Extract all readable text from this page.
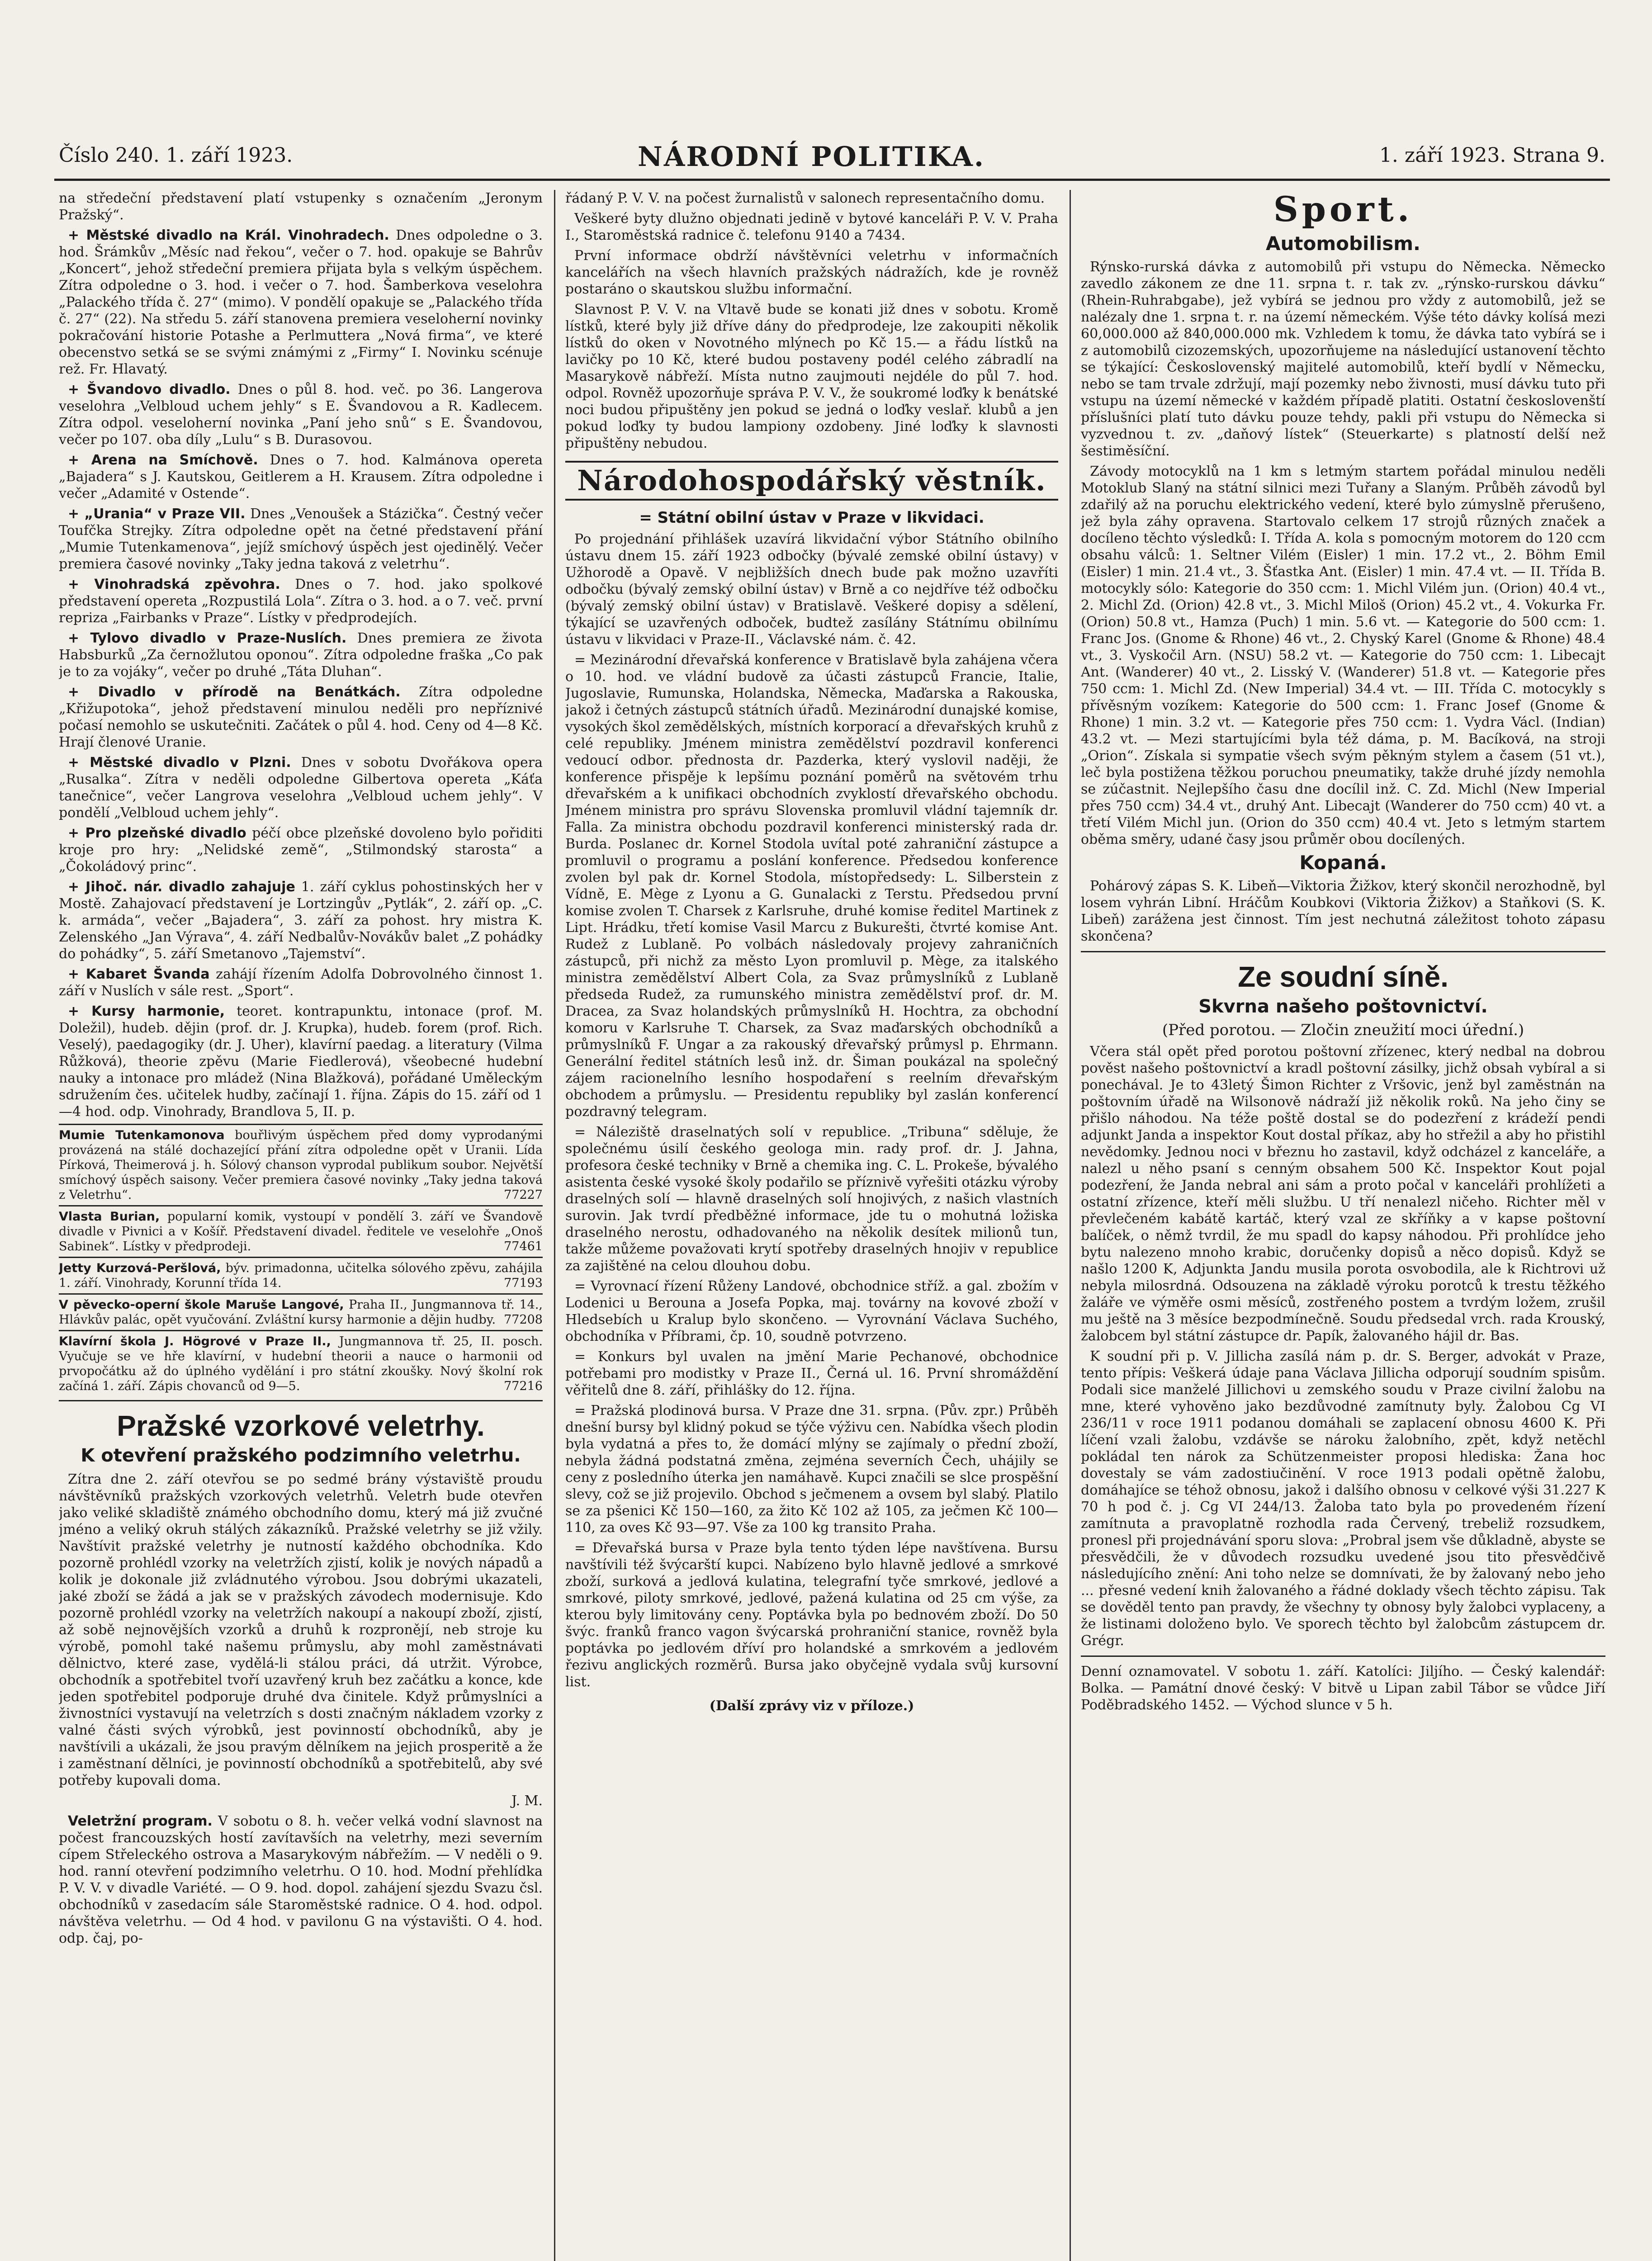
Číslo 240. 1. září 1923.	NÁRODNÍ POLITIKA.	1. září 1923. Strana 9.

na středeční představení platí vstupenky s označením „Jeronym Pražský“.

+ Městské divadlo na Král. Vinohradech. Dnes odpoledne o 3. hod. Šrámkův „Měsíc nad řekou“, večer o 7. hod. opakuje se Bahrův „Koncert“, jehož středeční premiera přijata byla s velkým úspěchem. Zítra odpoledne o 3. hod. i večer o 7. hod. Šamberkova veselohra „Palackého třída č. 27“ (mimo). V pondělí opakuje se „Palackého třída č. 27“ (22). Na středu 5. září stanovena premiera veseloherní novinky pokračování historie Potashe a Perlmuttera „Nová firma“, ve které obecenstvo setká se se svými známými z „Firmy“ I. Novinku scénuje rež. Fr. Hlavatý.

+ Švandovo divadlo. Dnes o půl 8. hod. več. po 36. Langerova veselohra „Velbloud uchem jehly“ s E. Švandovou a R. Kadlecem. Zítra odpol. veseloherní novinka „Paní jeho snů“ s E. Švandovou, večer po 107. oba díly „Lulu“ s B. Durasovou.

+ Arena na Smíchově. Dnes o 7. hod. Kalmánova opereta „Bajadera“ s J. Kautskou, Geitlerem a H. Krausem. Zítra odpoledne i večer „Adamité v Ostende“.

+ „Urania“ v Praze VII. Dnes „Venoušek a Stázička“. Čestný večer Toufčka Strejky. Zítra odpoledne opět na četné představení přání „Mumie Tutenkamenova“, jejíž smíchový úspěch jest ojedinělý. Večer premiera časové novinky „Taky jedna taková z veletrhu“.

+ Vinohradská zpěvohra. Dnes o 7. hod. jako spolkové představení opereta „Rozpustilá Lola“. Zítra o 3. hod. a o 7. več. první repriza „Fairbanks v Praze“. Lístky v předprodejích.

+ Tylovo divadlo v Praze-Nuslích. Dnes premiera ze života Habsburků „Za černožlutou oponou“. Zítra odpoledne fraška „Co pak je to za vojáky“, večer po druhé „Táta Dluhan“.

+ Divadlo v přírodě na Benátkách. Zítra odpoledne „Křižupotoka“, jehož představení minulou neděli pro nepříznivé počasí nemohlo se uskutečniti. Začátek o půl 4. hod. Ceny od 4—8 Kč. Hrají členové Uranie.

+ Městské divadlo v Plzni. Dnes v sobotu Dvořákova opera „Rusalka“. Zítra v neděli odpoledne Gilbertova opereta „Káťa tanečnice“, večer Langrova veselohra „Velbloud uchem jehly“. V pondělí „Velbloud uchem jehly“.

+ Pro plzeňské divadlo péčí obce plzeňské dovoleno bylo pořiditi kroje pro hry: „Nelidské země“, „Stilmondský starosta“ a „Čokoládový princ“.

+ Jihoč. nár. divadlo zahajuje 1. září cyklus pohostinských her v Mostě. Zahajovací představení je Lortzingův „Pytlák“, 2. září op. „C. k. armáda“, večer „Bajadera“, 3. září za pohost. hry mistra K. Zelenského „Jan Výrava“, 4. září Nedbalův-Novákův balet „Z pohádky do pohádky“, 5. září Smetanovo „Tajemství“.

+ Kabaret Švanda zahájí řízením Adolfa Dobrovolného činnost 1. září v Nuslích v sále rest. „Sport“.

+ Kursy harmonie, teoret. kontrapunktu, intonace (prof. M. Doležil), hudeb. dějin (prof. dr. J. Krupka), hudeb. forem (prof. Rich. Veselý), paedagogiky (dr. J. Uher), klavírní paedag. a literatury (Vilma Růžková), theorie zpěvu (Marie Fiedlerová), všeobecné hudební nauky a intonace pro mládež (Nina Blažková), pořádané Uměleckým sdružením čes. učitelek hudby, začínají 1. října. Zápis do 15. září od 1—4 hod. odp. Vinohrady, Brandlova 5, II. p.

Mumie Tutenkamonova bouřlivým úspěchem před domy vyprodanými provázená na stálé dochazející přání zítra odpoledne opět v Uranii. Lída Pírková, Theimerová j. h. Sólový chanson vyprodal publikum soubor. Největší smíchový úspěch saisony. Večer premiera časové novinky „Taky jedna taková z Veletrhu“.	77227
Vlasta Burian, popularní komik, vystoupí v pondělí 3. září ve Švandově divadle v Pivnici a v Košíř. Představení divadel. ředitele ve veselohře „Onoš Sabinek“. Lístky v předprodeji.	77461
Jetty Kurzová-Peršlová, býv. primadonna, učitelka sólového zpěvu, zahájila 1. září. Vinohrady, Korunní třída 14.	77193
V pěvecko-operní škole Maruše Langové, Praha II., Jungmannova tř. 14., Hlávkův palác, opět vyučování. Zvláštní kursy harmonie a dějin hudby. 77208
Klavírní škola J. Högrové v Praze II., Jungmannova tř. 25, II. posch. Vyučuje se ve hře klavírní, v hudební theorii a nauce o harmonii od prvopočátku až do úplného vydělání i pro státní zkoušky. Nový školní rok začíná 1. září. Zápis chovanců od 9—5.	77216
Pražské vzorkové veletrhy.
K otevření pražského podzimního veletrhu.

Zítra dne 2. září otevřou se po sedmé brány výstaviště proudu návštěvníků pražských vzorkových veletrhů. Veletrh bude otevřen jako veliké skladiště známého obchodního domu, který má již zvučné jméno a veliký okruh stálých zákazníků. Pražské veletrhy se již vžily. Navštívit pražské veletrhy je nutností každého obchodníka. Kdo pozorně prohlédl vzorky na veletržích zjistí, kolik je nových nápadů a kolik je dokonale již zvládnutého výrobou. Jsou dobrými ukazateli, jaké zboží se žádá a jak se v pražských závodech modernisuje. Kdo pozorně prohlédl vzorky na veletržích nakoupí a nakoupí zboží, zjistí, až sobě nejnovějších vzorků a druhů k rozpronějí, neb stroje ku výrobě, pomohl také našemu průmyslu, aby mohl zaměstnávati dělnictvo, které zase, vydělá-li stálou práci, dá utržit. Výrobce, obchodník a spotřebitel tvoří uzavřený kruh bez začátku a konce, kde jeden spotřebitel podporuje druhé dva činitele. Když průmyslníci a živnostníci vystavují na veletrzích s dosti značným nákladem vzorky z valné části svých výrobků, jest povinností obchodníků, aby je navštívili a ukázali, že jsou pravým dělníkem na jejich prosperitě a že i zaměstnaní dělníci, je povinností obchodníků a spotřebitelů, aby své potřeby kupovali doma.

J. M.

Veletržní program. V sobotu o 8. h. večer velká vodní slavnost na počest francouzských hostí zavítavších na veletrhy, mezi severním cípem Střeleckého ostrova a Masarykovým nábřežím. — V neděli o 9. hod. ranní otevření podzimního veletrhu. O 10. hod. Modní přehlídka P. V. V. v divadle Variété. — O 9. hod. dopol. zahájení sjezdu Svazu čsl. obchodníků v zasedacím sále Staroměstské radnice. O 4. hod. odpol. návštěva veletrhu. — Od 4 hod. v pavilonu G na výstavišti. O 4. hod. odp. čaj, po-

řádaný P. V. V. na počest žurnalistů v salonech representačního domu.

Veškeré byty dlužno objednati jedině v bytové kanceláři P. V. V. Praha I., Staroměstská radnice č. telefonu 9140 a 7434.

První informace obdrží návštěvníci veletrhu v informačních kancelářích na všech hlavních pražských nádražích, kde je rovněž postaráno o skautskou službu informační.

Slavnost P. V. V. na Vltavě bude se konati již dnes v sobotu. Kromě lístků, které byly již dříve dány do předprodeje, lze zakoupiti několik lístků do oken v Novotného mlýnech po Kč 15.— a řádu lístků na lavičky po 10 Kč, které budou postaveny podél celého zábradlí na Masarykově nábřeží. Místa nutno zaujmouti nejdéle do půl 7. hod. odpol. Rovněž upozorňuje správa P. V. V., že soukromé loďky k benátské noci budou připuštěny jen pokud se jedná o loďky veslař. klubů a jen pokud loďky ty budou lampiony ozdobeny. Jiné loďky k slavnosti připuštěny nebudou.

Národohospodářský věstník.
= Státní obilní ústav v Praze v likvidaci.

Po projednání přihlášek uzavírá likvidační výbor Státního obilního ústavu dnem 15. září 1923 odbočky (bývalé zemské obilní ústavy) v Užhorodě a Opavě. V nejbližších dnech bude pak možno uzavříti odbočku (bývalý zemský obilní ústav) v Brně a co nejdříve též odbočku (bývalý zemský obilní ústav) v Bratislavě. Veškeré dopisy a sdělení, týkající se uzavřených odboček, budtež zasílány Státnímu obilnímu ústavu v likvidaci v Praze-II., Václavské nám. č. 42.

= Mezinárodní dřevařská konference v Bratislavě byla zahájena včera o 10. hod. ve vládní budově za účasti zástupců Francie, Italie, Jugoslavie, Rumunska, Holandska, Německa, Maďarska a Rakouska, jakož i četných zástupců státních úřadů. Mezinárodní dunajské komise, vysokých škol zemědělských, místních korporací a dřevařských kruhů z celé republiky. Jménem ministra zemědělství pozdravil konferenci vedoucí odbor. přednosta dr. Pazderka, který vyslovil naději, že konference přispěje k lepšímu poznání poměrů na světovém trhu dřevařském a k unifikaci obchodních zvyklostí dřevařského obchodu. Jménem ministra pro správu Slovenska promluvil vládní tajemník dr. Falla. Za ministra obchodu pozdravil konferenci ministerský rada dr. Burda. Poslanec dr. Kornel Stodola uvítal poté zahraniční zástupce a promluvil o programu a poslání konference. Předsedou konference zvolen byl pak dr. Kornel Stodola, místopředsedy: L. Silberstein z Vídně, E. Mège z Lyonu a G. Gunalacki z Terstu. Předsedou první komise zvolen T. Charsek z Karlsruhe, druhé komise ředitel Martinek z Lipt. Hrádku, třetí komise Vasil Marcu z Bukurešti, čtvrté komise Ant. Rudež z Lublaně. Po volbách následovaly projevy zahraničních zástupců, při nichž za město Lyon promluvil p. Mège, za italského ministra zemědělství Albert Cola, za Svaz průmyslníků z Lublaně předseda Rudež, za rumunského ministra zemědělství prof. dr. M. Dracea, za Svaz holandských průmyslníků H. Hochtra, za obchodní komoru v Karlsruhe T. Charsek, za Svaz maďarských obchodníků a průmyslníků F. Ungar a za rakouský dřevařský průmysl p. Ehrmann. Generální ředitel státních lesů inž. dr. Šiman poukázal na společný zájem racionelního lesního hospodaření s reelním dřevařským obchodem a průmyslu. — Presidentu republiky byl zaslán konferencí pozdravný telegram.

= Náleziště draselnatých solí v republice. „Tribuna“ sděluje, že společnému úsilí českého geologa min. rady prof. dr. J. Jahna, profesora české techniky v Brně a chemika ing. C. L. Prokeše, bývalého asistenta české vysoké školy podařilo se příznivě vyřešiti otázku výroby draselných solí — hlavně draselných solí hnojivých, z našich vlastních surovin. Jak tvrdí předběžné informace, jde tu o mohutná ložiska draselného nerostu, odhadovaného na několik desítek milionů tun, takže můžeme považovati krytí spotřeby draselných hnojiv v republice za zajištěné na celou dlouhou dobu.

= Vyrovnací řízení Růženy Landové, obchodnice stříž. a gal. zbožím v Lodenici u Berouna a Josefa Popka, maj. továrny na kovové zboží v Hledsebích u Kralup bylo skončeno. — Vyrovnání Václava Suchého, obchodníka v Příbrami, čp. 10, soudně potvrzeno.

= Konkurs byl uvalen na jmění Marie Pechanové, obchodnice potřebami pro modistky v Praze II., Černá ul. 16. První shromáždění věřitelů dne 8. září, přihlášky do 12. října.

= Pražská plodinová bursa. V Praze dne 31. srpna. (Pův. zpr.) Průběh dnešní bursy byl klidný pokud se týče výživu cen. Nabídka všech plodin byla vydatná a přes to, že domácí mlýny se zajímaly o přední zboží, nebyla žádná podstatná změna, zejména severních Čech, uhájily se ceny z posledního úterka jen namáhavě. Kupci značili se slce prospěšní slevy, což se již projevilo. Obchod s ječmenem a ovsem byl slabý. Platilo se za pšenici Kč 150—160, za žito Kč 102 až 105, za ječmen Kč 100—110, za oves Kč 93—97. Vše za 100 kg transito Praha.

= Dřevařská bursa v Praze byla tento týden lépe navštívena. Bursu navštívili též švýcarští kupci. Nabízeno bylo hlavně jedlové a smrkové zboží, surková a jedlová kulatina, telegrafní tyče smrkové, jedlové a smrkové, piloty smrkové, jedlové, pažená kulatina od 25 cm výše, za kterou byly limitovány ceny. Poptávka byla po bednovém zboží. Do 50 švýc. franků franco vagon švýcarská prohraniční stanice, rovněž byla poptávka po jedlovém dříví pro holandské a smrkovém a jedlovém řezivu anglických rozměrů. Bursa jako obyčejně vydala svůj kursovní list.

(Další zprávy viz v příloze.)
Sport.
Automobilism.

Rýnsko-rurská dávka z automobilů při vstupu do Německa. Německo zavedlo zákonem ze dne 11. srpna t. r. tak zv. „rýnsko-rurskou dávku“ (Rhein-Ruhrabgabe), jež vybírá se jednou pro vždy z automobilů, jež se nalézaly dne 1. srpna t. r. na území německém. Výše této dávky kolísá mezi 60,000.000 až 840,000.000 mk. Vzhledem k tomu, že dávka tato vybírá se i z automobilů cizozemských, upozorňujeme na následující ustanovení těchto se týkající: Československý majitelé automobilů, kteří bydlí v Německu, nebo se tam trvale zdržují, mají pozemky nebo živnosti, musí dávku tuto při vstupu na území německé v každém případě platiti. Ostatní českoslovenští příslušníci platí tuto dávku pouze tehdy, pakli při vstupu do Německa si vyzvednou t. zv. „daňový lístek“ (Steuerkarte) s platností delší než šestiměsíční.

Závody motocyklů na 1 km s letmým startem pořádal minulou neděli Motoklub Slaný na státní silnici mezi Tuřany a Slaným. Průběh závodů byl zdařilý až na poruchu elektrického vedení, které bylo zúmyslně přerušeno, jež byla záhy opravena. Startovalo celkem 17 strojů různých značek a docíleno těchto výsledků: I. Třída A. kola s pomocným motorem do 120 ccm obsahu válců: 1. Seltner Vilém (Eisler) 1 min. 17.2 vt., 2. Böhm Emil (Eisler) 1 min. 21.4 vt., 3. Šťastka Ant. (Eisler) 1 min. 47.4 vt. — II. Třída B. motocykly sólo: Kategorie do 350 ccm: 1. Michl Vilém jun. (Orion) 40.4 vt., 2. Michl Zd. (Orion) 42.8 vt., 3. Michl Miloš (Orion) 45.2 vt., 4. Vokurka Fr. (Orion) 50.8 vt., Hamza (Puch) 1 min. 5.6 vt. — Kategorie do 500 ccm: 1. Franc Jos. (Gnome & Rhone) 46 vt., 2. Chyský Karel (Gnome & Rhone) 48.4 vt., 3. Vyskočil Arn. (NSU) 58.2 vt. — Kategorie do 750 ccm: 1. Libecajt Ant. (Wanderer) 40 vt., 2. Lisský V. (Wanderer) 51.8 vt. — Kategorie přes 750 ccm: 1. Michl Zd. (New Imperial) 34.4 vt. — III. Třída C. motocykly s přívěsným vozíkem: Kategorie do 500 ccm: 1. Franc Josef (Gnome & Rhone) 1 min. 3.2 vt. — Kategorie přes 750 ccm: 1. Vydra Václ. (Indian) 43.2 vt. — Mezi startujícími byla též dáma, p. M. Bacíková, na stroji „Orion“. Získala si sympatie všech svým pěkným stylem a časem (51 vt.), leč byla postižena těžkou poruchou pneumatiky, takže druhé jízdy nemohla se zúčastnit. Nejlepšího času dne docílil inž. C. Zd. Michl (New Imperial přes 750 ccm) 34.4 vt., druhý Ant. Libecajt (Wanderer do 750 ccm) 40 vt. a třetí Vilém Michl jun. (Orion do 350 ccm) 40.4 vt. Jeto s letmým startem oběma směry, udané časy jsou průměr obou docílených.

Kopaná.

Pohárový zápas S. K. Libeň—Viktoria Žižkov, který skončil nerozhodně, byl losem vyhrán Libní. Hráčům Koubkovi (Viktoria Žižkov) a Staňkovi (S. K. Libeň) zarážena jest činnost. Tím jest nechutná záležitost tohoto zápasu skončena?

Ze soudní síně.
Skvrna našeho poštovnictví.
(Před porotou. — Zločin zneužití moci úřední.)

Včera stál opět před porotou poštovní zřízenec, který nedbal na dobrou pověst našeho poštovnictví a kradl poštovní zásilky, jichž obsah vybíral a si ponechával. Je to 43letý Šimon Richter z Vršovic, jenž byl zaměstnán na poštovním úřadě na Wilsonově nádraží již několik roků. Na jeho činy se přišlo náhodou. Na téže poště dostal se do podezření z krádeží pendi adjunkt Janda a inspektor Kout dostal příkaz, aby ho střežil a aby ho přistihl nevědomky. Jednou noci v březnu ho zastavil, když odcházel z kanceláře, a nalezl u něho psaní s cenným obsahem 500 Kč. Inspektor Kout pojal podezření, že Janda nebral ani sám a proto počal v kanceláři prohlížeti a ostatní zřízence, kteří měli službu. U tří nenalezl ničeho. Richter měl v převlečeném kabátě kartáč, který vzal ze skříňky a v kapse poštovní balíček, o němž tvrdil, že mu spadl do kapsy náhodou. Při prohlídce jeho bytu nalezeno mnoho krabic, doručenky dopisů a něco dopisů. Když se našlo 1200 K, Adjunkta Jandu musila porota osvobodila, ale k Richtrovi už nebyla milosrdná. Odsouzena na základě výroku porotců k trestu těžkého žaláře ve výměře osmi měsíců, zostřeného postem a tvrdým ložem, zrušil mu ještě na 3 měsíce bezpodmínečně. Soudu předsedal vrch. rada Krouský, žalobcem byl státní zástupce dr. Papík, žalovaného hájil dr. Bas.

K soudní při p. V. Jillicha zasílá nám p. dr. S. Berger, advokát v Praze, tento přípis: Veškerá údaje pana Václava Jillicha odporují soudním spisům. Podali sice manželé Jillichovi u zemského soudu v Praze civilní žalobu na mne, které vyhověno jako bezdůvodné zamítnuty byly. Žalobou Cg VI 236/11 v roce 1911 podanou domáhali se zaplacení obnosu 4600 K. Při líčení vzali žalobu, vzdávše se nároku žalobního, zpět, když netěchl pokládal ten nárok za Schützenmeister proposi hlediska: Žana hoc dovestaly se vám zadostiučinění. V roce 1913 podali opětně žalobu, domáhajíce se téhož obnosu, jakož i dalšího obnosu v celkové výši 31.227 K 70 h pod č. j. Cg VI 244/13. Žaloba tato byla po provedeném řízení zamítnuta a pravoplatně rozhodla rada Červený, trebeliž rozsudkem, pronesl při projednávání sporu slova: „Probral jsem vše důkladně, abyste se přesvědčili, že v důvodech rozsudku uvedené jsou tito přesvědčivě následujícího znění: Ani toho nelze se domnívati, že by žalovaný nebo jeho ... přesné vedení knih žalovaného a řádné doklady všech těchto zápisu. Tak se dověděl tento pan pravdy, že všechny ty obnosy byly žalobci vyplaceny, a že listinami doloženo bylo. Ve sporech těchto byl žalobcům zástupcem dr. Grégr.

Denní oznamovatel. V sobotu 1. září. Katolíci: Jiljího. — Český kalendář: Bolka. — Památní dnové český: V bitvě u Lipan zabil Tábor se vůdce Jiří Poděbradského 1452. — Východ slunce v 5 h.
